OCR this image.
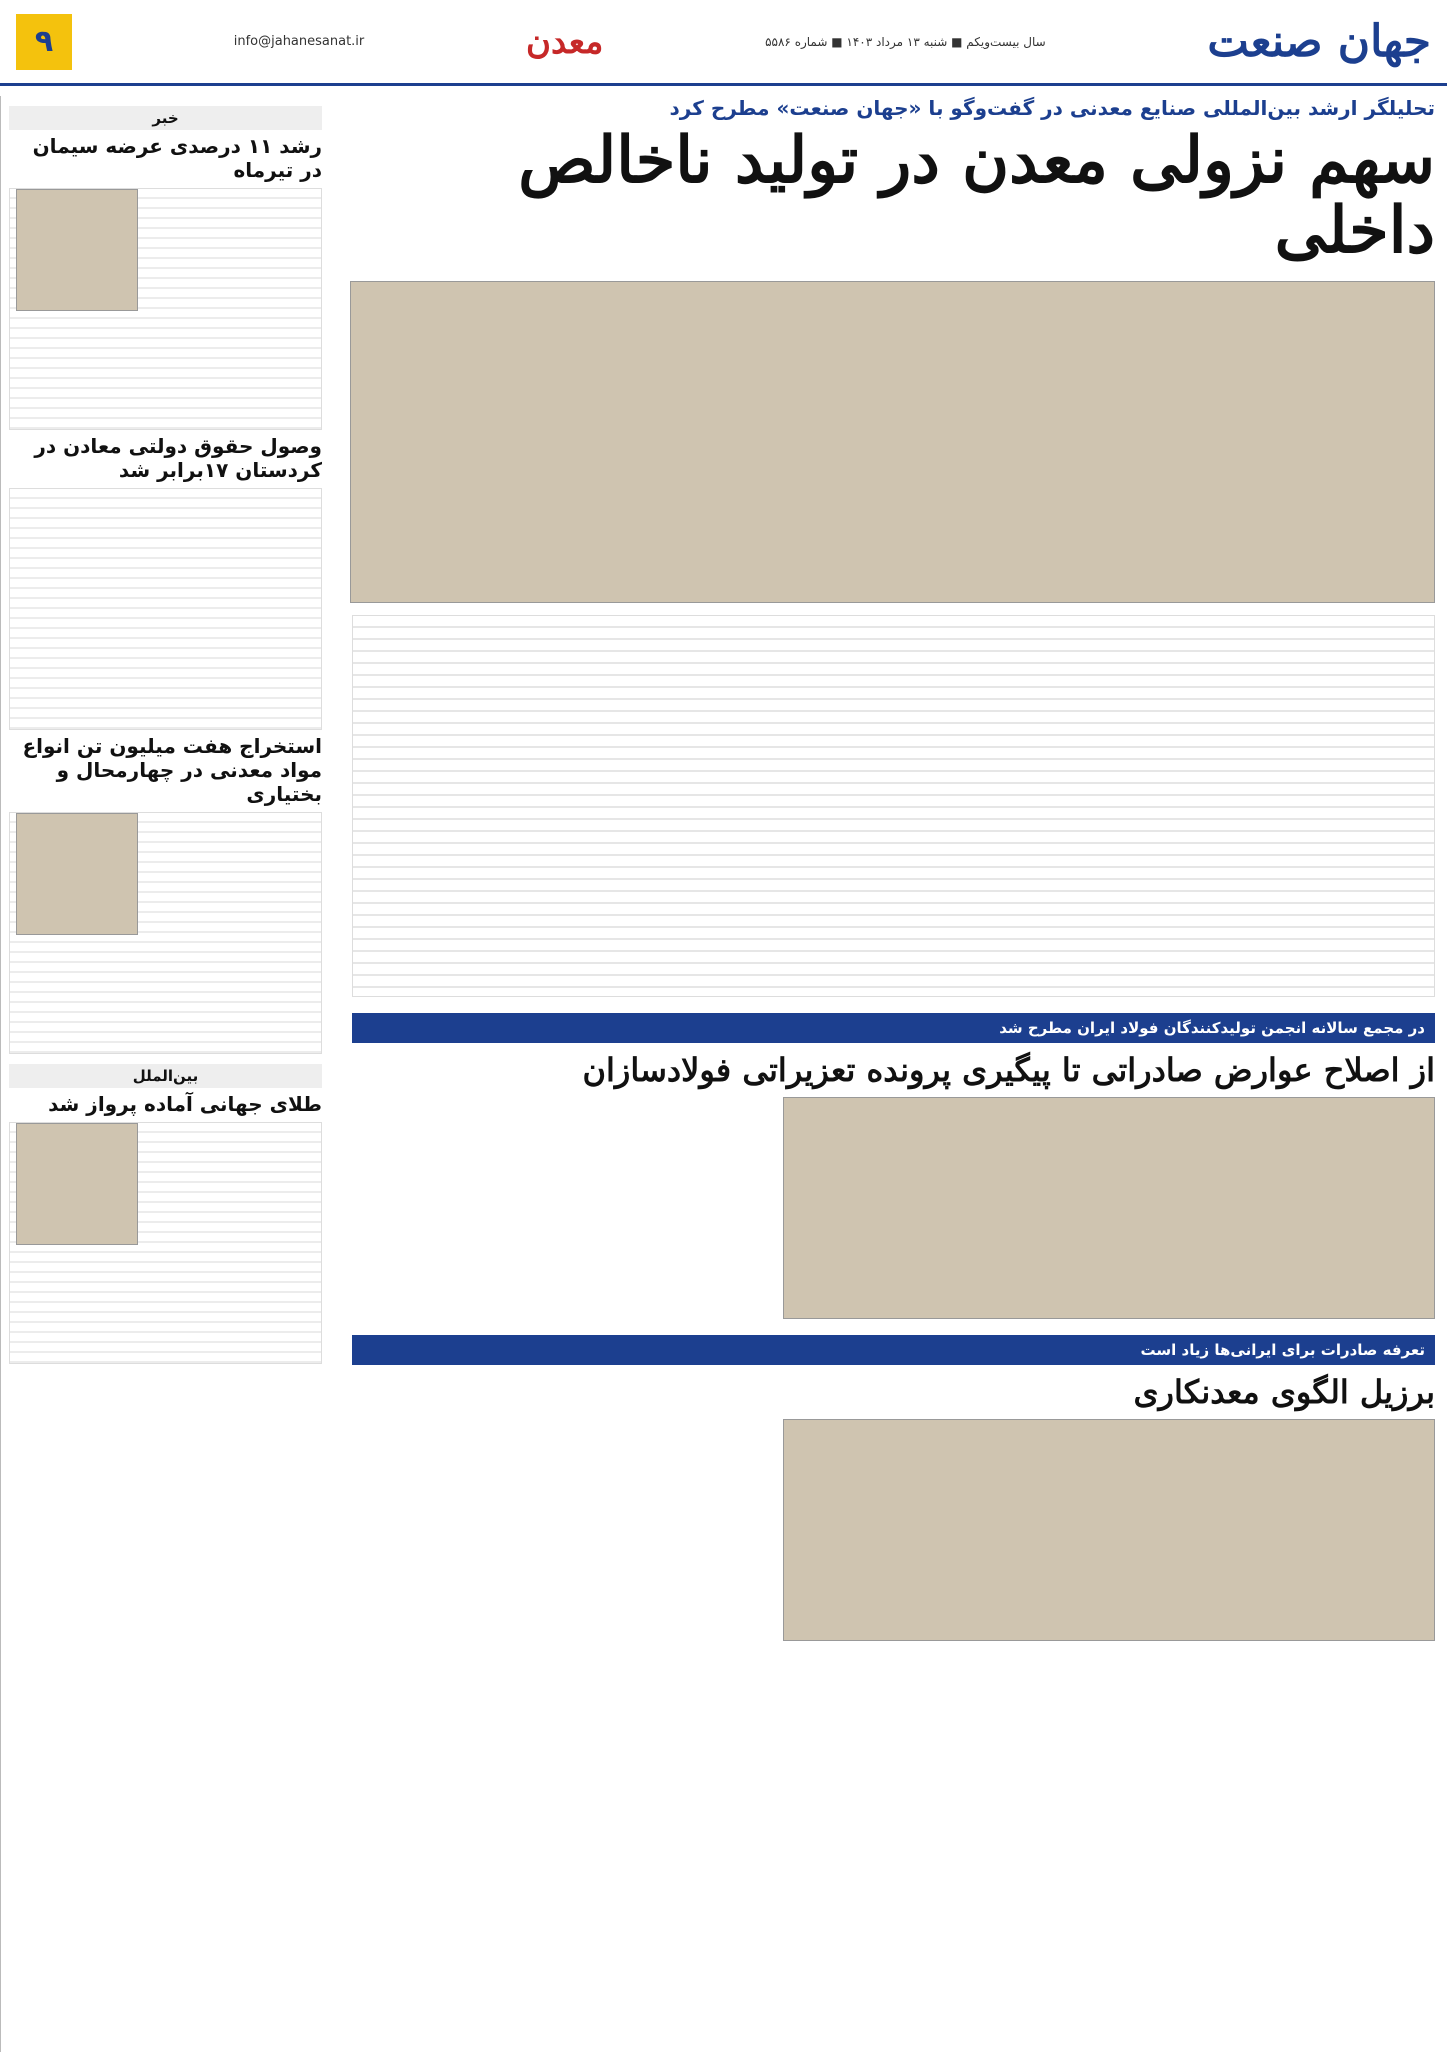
جهان صنعت
سال بیست‌ویکم ■ شنبه ۱۳ مرداد ۱۴۰۳ ■ شماره ۵۵۸۶
معدن
info@jahanesanat.ir
۹
تحلیلگر ارشد بین‌المللی صنایع معدنی در گفت‌وگو با «جهان صنعت» مطرح کرد
سهم نزولی معدن در تولید ناخالص داخلی
در مجمع سالانه انجمن تولیدکنندگان فولاد ایران مطرح شد
از اصلاح عوارض صادراتی تا پیگیری پرونده تعزیراتی فولادسازان
تعرفه صادرات برای ایرانی‌ها زیاد است
برزیل الگوی معدنکاری
خبر
رشد ۱۱ درصدی عرضه سیمان در تیرماه
وصول حقوق دولتی معادن در کردستان ۱۷برابر شد
استخراج هفت میلیون تن انواع مواد معدنی در چهارمحال و بختیاری
بین‌الملل
طلای جهانی آماده پرواز شد
